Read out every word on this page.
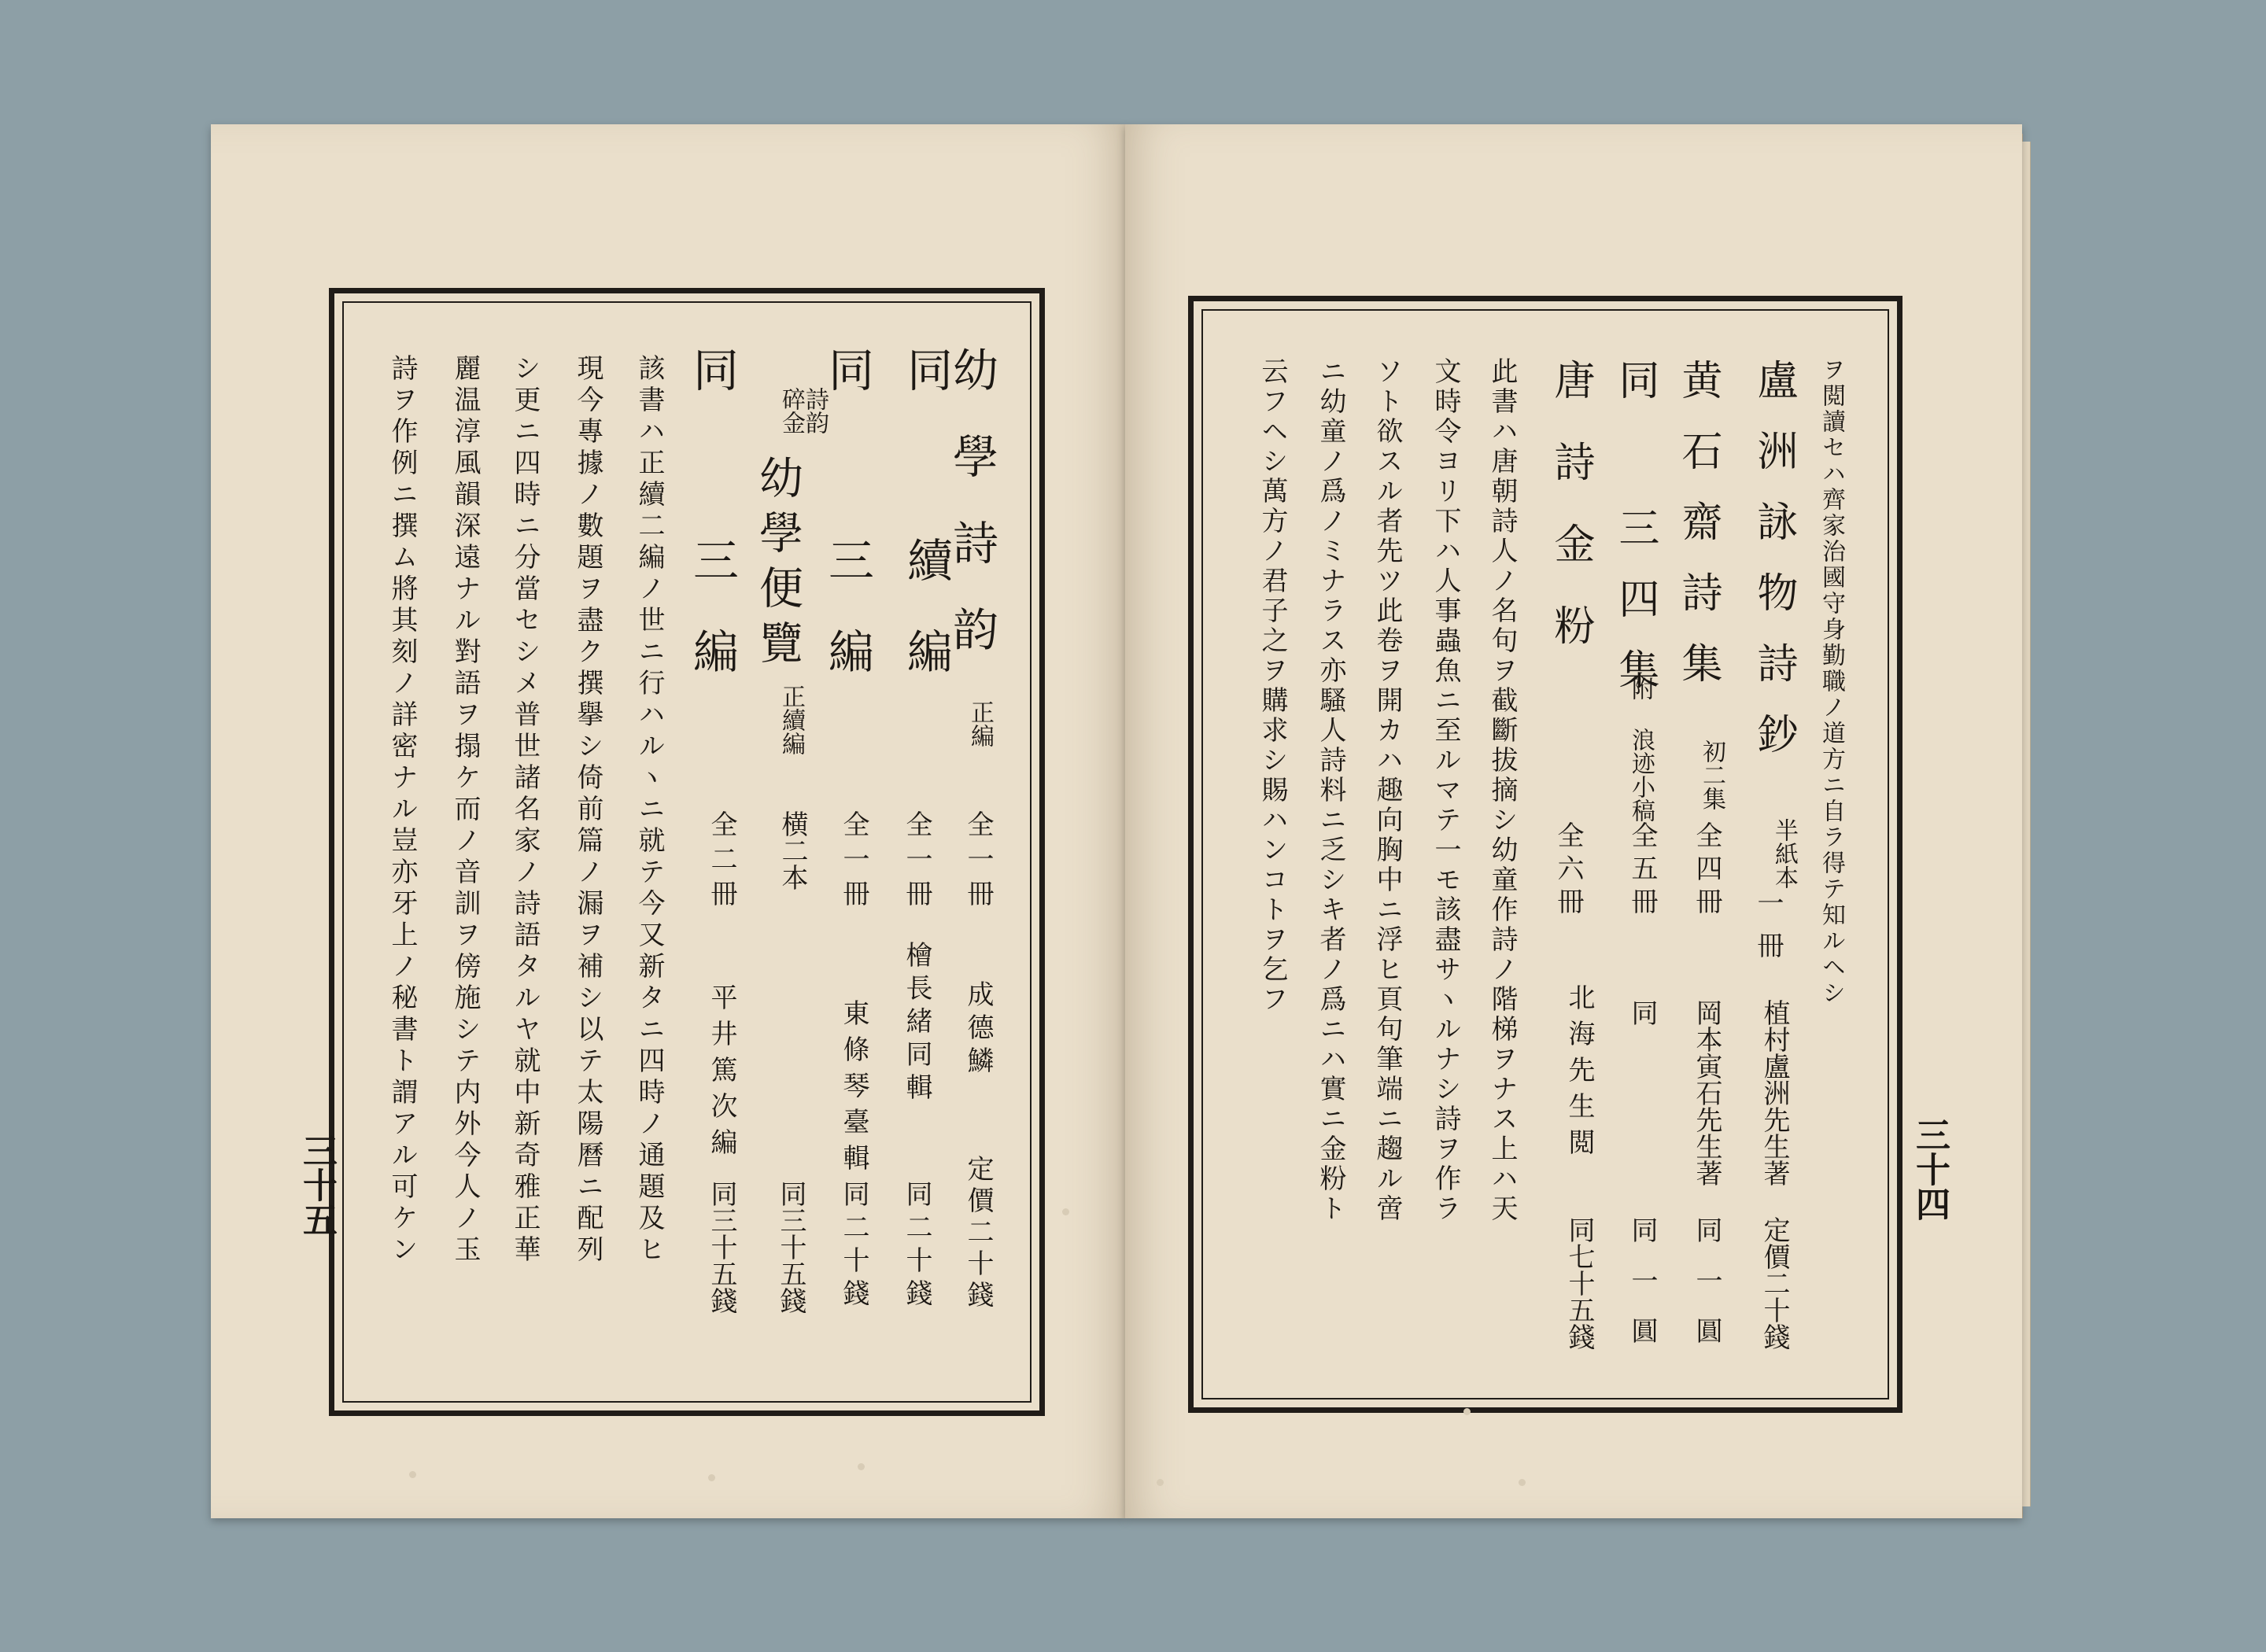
幼學詩韵
正編
全一冊
成德鱗
定價二十錢
同 續編
全一冊
檜長緒同輯
同二十錢
同 三編
全一冊
東條琴臺輯
同二十錢
詩韵碎金
幼學便覽
正續編
横二本
同三十五錢
同 三編
全二冊
平井篤次編
同三十五錢
該書ハ正續二編ノ世ニ行ハルヽニ就テ今又新タニ四時ノ通題及ヒ
現今專據ノ數題ヲ盡ク撰擧シ倚前篇ノ漏ヲ補シ以テ太陽曆ニ配列
シ更ニ四時ニ分當セシメ普世諸名家ノ詩語タルヤ就中新奇雅正華
麗温淳風韻深遠ナル對語ヲ搨ケ而ノ音訓ヲ傍施シテ内外今人ノ玉
詩ヲ作例ニ撰ム將其刻ノ詳密ナル豈亦牙上ノ秘書ト謂アル可ケン
三十五
ヲ閲讀セハ齊家治國守身勤職ノ道方ニ自ラ得テ知ルヘシ
盧洲詠物詩鈔
半紙本
一冊
植村盧洲先生著
定價二十錢
黄石齋詩集
初二集
全四冊
岡本寅石先生著
同一圓
同 三四集
附 浪迹小稿
全五冊
同
同一圓
唐詩金粉
全六冊
北海先生閲
同七十五錢
此書ハ唐朝詩人ノ名句ヲ截斷拔摘シ幼童作詩ノ階梯ヲナス上ハ天
文時令ヨリ下ハ人事蟲魚ニ至ルマテ一モ該盡サヽルナシ詩ヲ作ラ
ソト欲スル者先ツ此卷ヲ開カハ趣向胸中ニ浮ヒ頁句筆端ニ趨ル啻
ニ幼童ノ爲ノミナラス亦騷人詩料ニ乏シキ者ノ爲ニハ實ニ金粉ト
云フヘシ萬方ノ君子之ヲ購求シ賜ハンコトヲ乞フ
三十四
